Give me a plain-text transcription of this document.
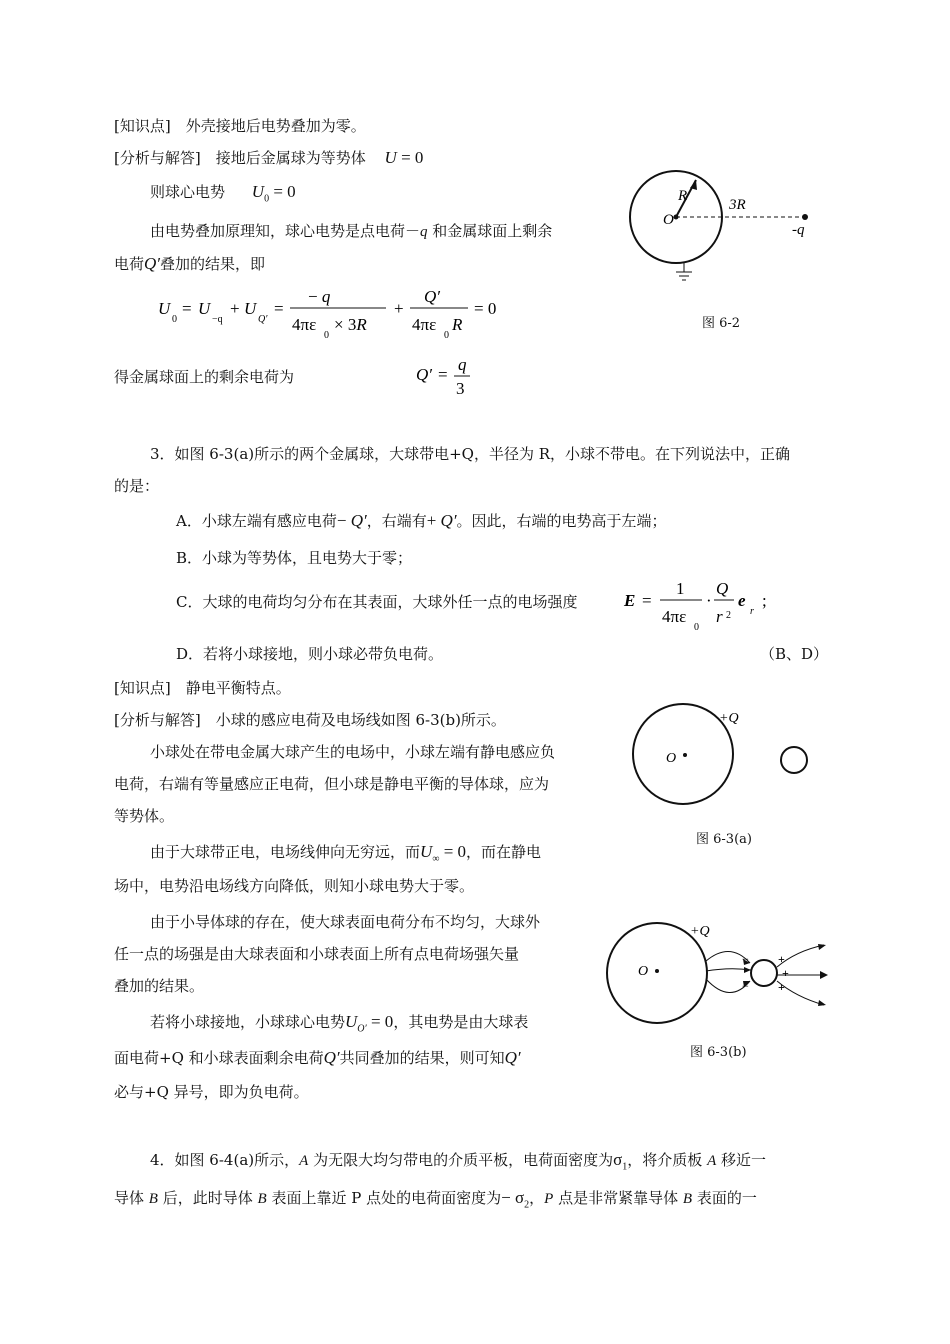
[知识点]　外壳接地后电势叠加为零。
[分析与解答]　 接地后金属球为等势体 U = 0
则球心电势 $U_0 = 0$
由电势叠加原理知，球心电势是点电荷－q 和金属球面上剩余
电荷Q′叠加的结果，即
U
0
= U
−q
+ U
Q′
=
− q
4πε
0
× 3R
+
Q′
4πε
0
R
= 0
得金属球面上的剩余电荷为	Q′ =
q
3
R
3R
O
-q
图 6-2
3．如图 6-3(a)所示的两个金属球，大球带电+Q，半径为 R，小球不带电。在下列说法中，正确
的是：
A．小球左端有感应电荷− Q′，右端有+ Q′。因此，右端的电势高于左端；
B．小球为等势体，且电势大于零；
C．大球的电荷均匀分布在其表面，大球外任一点的电场强度	E =
1
4πε
0
·
Q
r 2
e
r
;
D．若将小球接地，则小球必带负电荷。	（B、D）
[知识点]　静电平衡特点。
[分析与解答]　小球的感应电荷及电场线如图 6-3(b)所示。
小球处在带电金属大球产生的电场中，小球左端有静电感应负
电荷，右端有等量感应正电荷，但小球是静电平衡的导体球，应为
等势体。
由于大球带正电，电场线伸向无穷远，而$U_\infty = 0$，而在静电
场中，电势沿电场线方向降低，则知小球电势大于零。
由于小导体球的存在，使大球表面电荷分布不均匀，大球外
任一点的场强是由大球表面和小球表面上所有点电荷场强矢量
叠加的结果。
若将小球接地，小球球心电势$U_{O'} = 0$，其电势是由大球表
面电荷+Q 和小球表面剩余电荷Q′共同叠加的结果，则可知Q′
必与+Q 异号，即为负电荷。
O
+Q
图 6-3(a)
−
−
+
+
+
O
+Q
图 6-3(b)
4．如图 6-4(a)所示，A 为无限大均匀带电的介质平板，电荷面密度为$\sigma_1$，将介质板 A 移近一
导体 B 后，此时导体 B 表面上靠近 P 点处的电荷面密度为− $\sigma_2$，P 点是非常紧靠导体 B 表面的一
